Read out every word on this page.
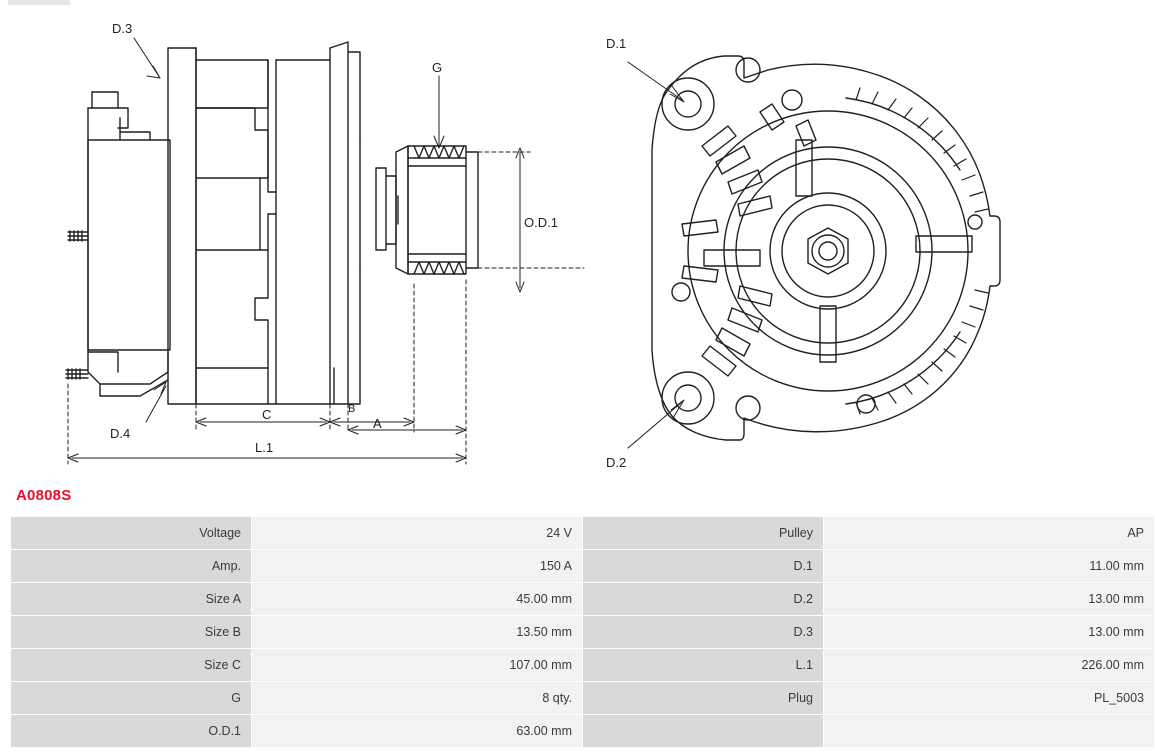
D.3
D.4
G
O.D.1
C	B
A
L.1
D.1
D.2
A0808S
Voltage	24 V	Pulley	AP
Amp.	150 A	D.1	11.00 mm
Size A	45.00 mm	D.2	13.00 mm
Size B	13.50 mm	D.3	13.00 mm
Size C	107.00 mm	L.1	226.00 mm
G	8 qty.	Plug	PL_5003
O.D.1	63.00 mm		
